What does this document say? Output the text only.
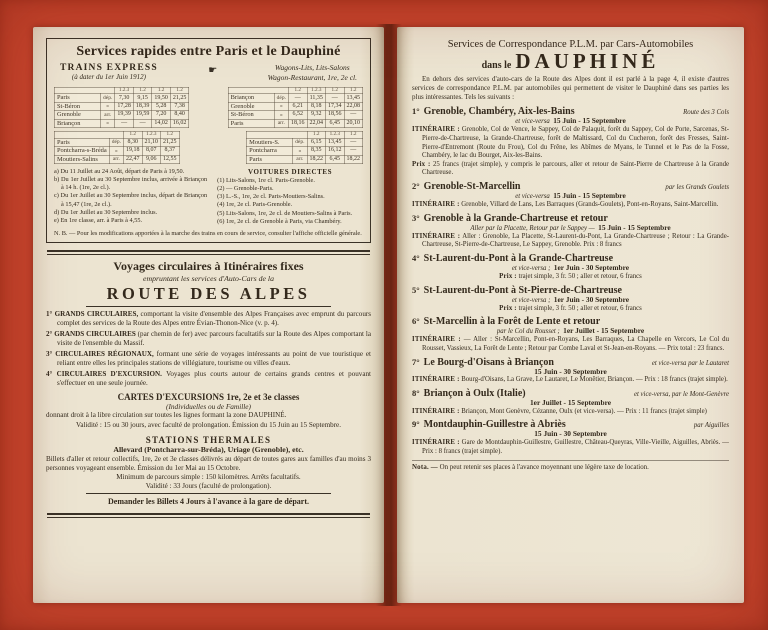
Services rapides entre Paris et le Dauphiné
TRAINS EXPRESS
(à dater du 1er Juin 1912)
☛	Wagons-Lits, Lits-Salons
Wagon-Restaurant, 1re, 2e cl.
		1.2.3	1.2	1.2	1.2
Paris	dép.	7,30	9,15	19,50	21,25
St-Béron	»	17,28	18,39	5,28	7,38
Grenoble	arr.	19,39	19,59	7,20	8,40
Briançon	»	—	—	14,02	16,02
		1.2	1.2.3	1.2	1.2
Briançon	dép.	—	11,35	—	13,45
Grenoble	»	6,21	8,18	17,34	22,08
St-Béron	»	6,52	9,32	18,56	—
Paris	arr.	18,16	22,04	6,45	20,10
		1.2	1.2.3	1.2
Paris	dép.	8,30	21,10	21,25
Pontcharra-s-Bréda	»	19,18	8,07	8,37
Moutiers-Salins	arr.	22,47	9,06	12,55
		1.2	1.2.3	1.2
Moutiers-S.	dép.	6,15	13,45	—
Pontcharra	»	8,35	16,12	—
Paris	arr.	18,22	6,45	18,22
a) Du 11 Juillet au 24 Août, départ de Paris à 19,50.
b) Du 1er Juillet au 30 Septembre inclus, arrivée à Briançon à 14 h. (1re, 2e cl.).
c) Du 1er Juillet au 30 Septembre inclus, départ de Briançon à 15,47 (1re, 2e cl.).
d) Du 1er Juillet au 30 Septembre inclus.
e) En 1re classe, arr. à Paris à 4,55.
VOITURES DIRECTES
(1) Lits-Salons, 1re cl. Paris-Grenoble.
(2) — Grenoble-Paris.
(3) L.-S., 1re, 2e cl. Paris-Moutiers-Salins.
(4) 1re, 2e cl. Paris-Grenoble.
(5) Lits-Salons, 1re, 2e cl. de Moutiers-Salins à Paris.
(6) 1re, 2e cl. de Grenoble à Paris, via Chambéry.
N. B. — Pour les modifications apportées à la marche des trains en cours de service, consulter l'affiche officielle générale.
Voyages circulaires à Itinéraires fixes
empruntant les services d'Auto-Cars de la
ROUTE DES ALPES
1° GRANDS CIRCULAIRES, comportant la visite d'ensemble des Alpes Françaises avec emprunt du parcours complet des services de la Route des Alpes entre Évian-Thonon-Nice (v. p. 4).
2° GRANDS CIRCULAIRES (par chemin de fer) avec parcours facultatifs sur la Route des Alpes comportant la visite de l'ensemble du Massif.
3° CIRCULAIRES RÉGIONAUX, formant une série de voyages intéressants au point de vue touristique et reliant entre elles les principales stations de villégiature, tourisme ou villes d'eaux.
4° CIRCULAIRES D'EXCURSION. Voyages plus courts autour de certains grands centres et pouvant s'effectuer en une seule journée.
CARTES D'EXCURSIONS 1re, 2e et 3e classes
(Individuelles ou de Famille)
donnant droit à la libre circulation sur toutes les lignes formant la zone DAUPHINÉ.
Validité : 15 ou 30 jours, avec faculté de prolongation. Émission du 15 Juin au 15 Septembre.
STATIONS THERMALES
Allevard (Pontcharra-sur-Bréda), Uriage (Grenoble), etc.
Billets d'aller et retour collectifs, 1re, 2e et 3e classes délivrés au départ de toutes gares aux familles d'au moins 3 personnes voyageant ensemble. Émission du 1er Mai au 15 Octobre.
Minimum de parcours simple : 150 kilomètres. Arrêts facultatifs.
Validité : 33 Jours (faculté de prolongation).
Demander les Billets 4 Jours à l'avance à la gare de départ.
Services de Correspondance P.L.M. par Cars-Automobiles
dans le DAUPHINÉ
En dehors des services d'auto-cars de la Route des Alpes dont il est parlé à la page 4, il existe d'autres services de correspondance P.L.M. par automobiles qui permettent de visiter le Dauphiné dans ses parties les plus intéressantes. Tels les suivants :
1° Grenoble, Chambéry, Aix-les-Bains	Route des 3 Cols
et vice-versa 15 Juin - 15 Septembre
ITINÉRAIRE : Grenoble, Col de Vence, le Sappey, Col de Palaquit, forêt du Sappey, Col de Porte, Sarcenas, St-Pierre-de-Chartreuse, la Grande-Chartreuse, forêt de Maltissard, Col du Cucheron, forêt des Fresses, Saint-Pierre-d'Entremont (Route du Frou), Col du Frêne, les Abîmes de Myans, le Tunnel et le Pas de la Fosse, Chambéry, le lac du Bourget, Aix-les-Bains.
Prix : 25 francs (trajet simple), y compris le parcours, aller et retour de Saint-Pierre de Chartreuse à la Grande Chartreuse.
2° Grenoble-St-Marcellin	par les Grands Goulets
et vice-versa 15 Juin - 15 Septembre
ITINÉRAIRE : Grenoble, Villard de Lans, Les Barraques (Grands-Goulets), Pont-en-Royans, Saint-Marcellin.
3° Grenoble à la Grande-Chartreuse et retour
Aller par la Placette, Retour par le Sappey — 15 Juin - 15 Septembre
ITINÉRAIRE : Aller : Grenoble, La Placette, St-Laurent-du-Pont, La Grande-Chartreuse ; Retour : La Grande-Chartreuse, St-Pierre-de-Chartreuse, Le Sappey, Grenoble. Prix : 8 francs
4° St-Laurent-du-Pont à la Grande-Chartreuse
et vice-versa ; 1er Juin - 30 Septembre
Prix : trajet simple, 3 fr. 50 ; aller et retour, 6 francs
5° St-Laurent-du-Pont à St-Pierre-de-Chartreuse
et vice-versa ; 1er Juin - 30 Septembre
Prix : trajet simple, 3 fr. 50 ; aller et retour, 6 francs
6° St-Marcellin à la Forêt de Lente et retour
par le Col du Rousset ; 1er Juillet - 15 Septembre
ITINÉRAIRE : — Aller : St-Marcellin, Pont-en-Royans, Les Barraques, La Chapelle en Vercors, Le Col du Rousset, Vassieux, La Forêt de Lente ; Retour par Combe Laval et St-Jean-en-Royans. — Prix total : 23 francs.
7° Le Bourg-d'Oisans à Briançon	et vice-versa par le Lautaret
15 Juin - 30 Septembre
ITINÉRAIRE : Bourg-d'Oisans, La Grave, Le Lautaret, Le Monêtier, Briançon. — Prix : 18 francs (trajet simple).
8° Briançon à Oulx (Italie)	et vice-versa, par le Mont-Genèvre
1er Juillet - 15 Septembre
ITINÉRAIRE : Briançon, Mont Genèvre, Cézanne, Oulx (et vice-versa). — Prix : 11 francs (trajet simple)
9° Montdauphin-Guillestre à Abriès	par Aiguilles
15 Juin - 30 Septembre
ITINÉRAIRE : Gare de Montdauphin-Guillestre, Guillestre, Château-Queyras, Ville-Vieille, Aiguilles, Abriès. — Prix : 8 francs (trajet simple).
Nota. — On peut retenir ses places à l'avance moyennant une légère taxe de location.
